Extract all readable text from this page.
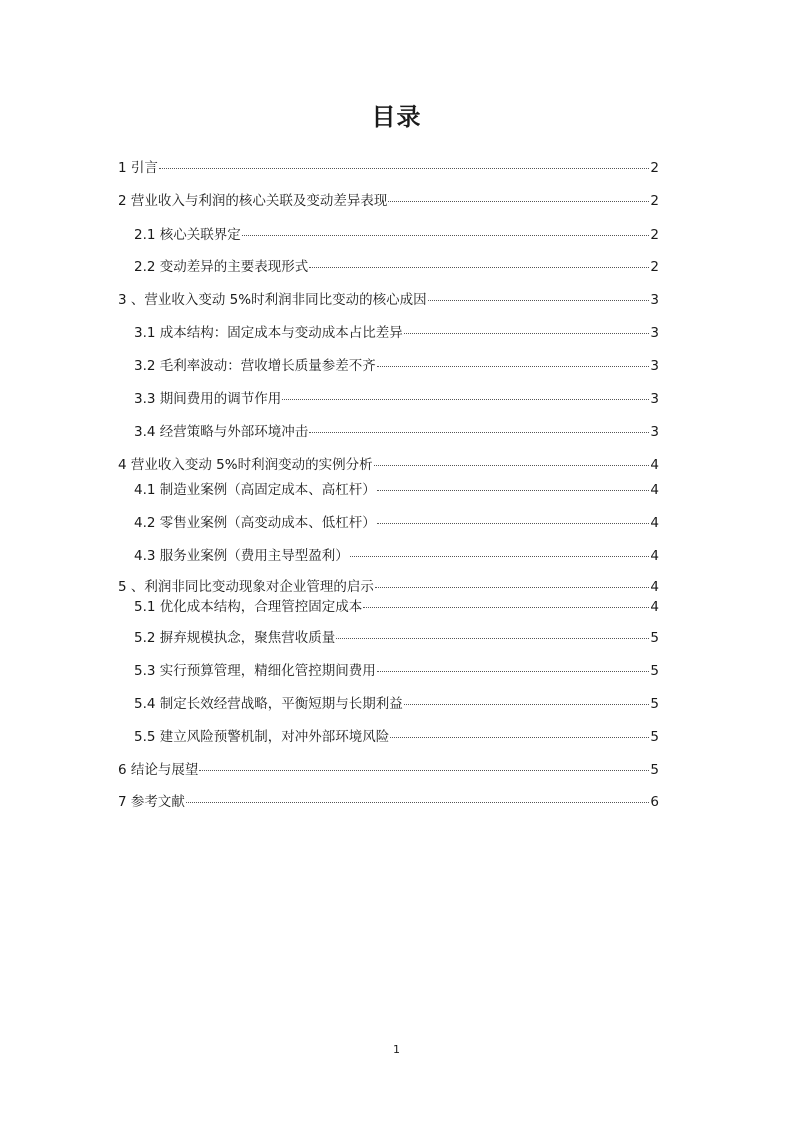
目录
1 引言	2
2 营业收入与利润的核心关联及变动差异表现	2
2.1 核心关联界定	2
2.2 变动差异的主要表现形式	2
3 、营业收入变动 5%时利润非同比变动的核心成因	3
3.1 成本结构：固定成本与变动成本占比差异	3
3.2 毛利率波动：营收增长质量参差不齐	3
3.3 期间费用的调节作用	3
3.4 经营策略与外部环境冲击	3
4 营业收入变动 5%时利润变动的实例分析	4
4.1 制造业案例（高固定成本、高杠杆）	4
4.2 零售业案例（高变动成本、低杠杆）	4
4.3 服务业案例（费用主导型盈利）	4
5 、利润非同比变动现象对企业管理的启示	4
5.1 优化成本结构，合理管控固定成本	4
5.2 摒弃规模执念，聚焦营收质量	5
5.3 实行预算管理，精细化管控期间费用	5
5.4 制定长效经营战略，平衡短期与长期利益	5
5.5 建立风险预警机制，对冲外部环境风险	5
6 结论与展望	5
7 参考文献	6
1
